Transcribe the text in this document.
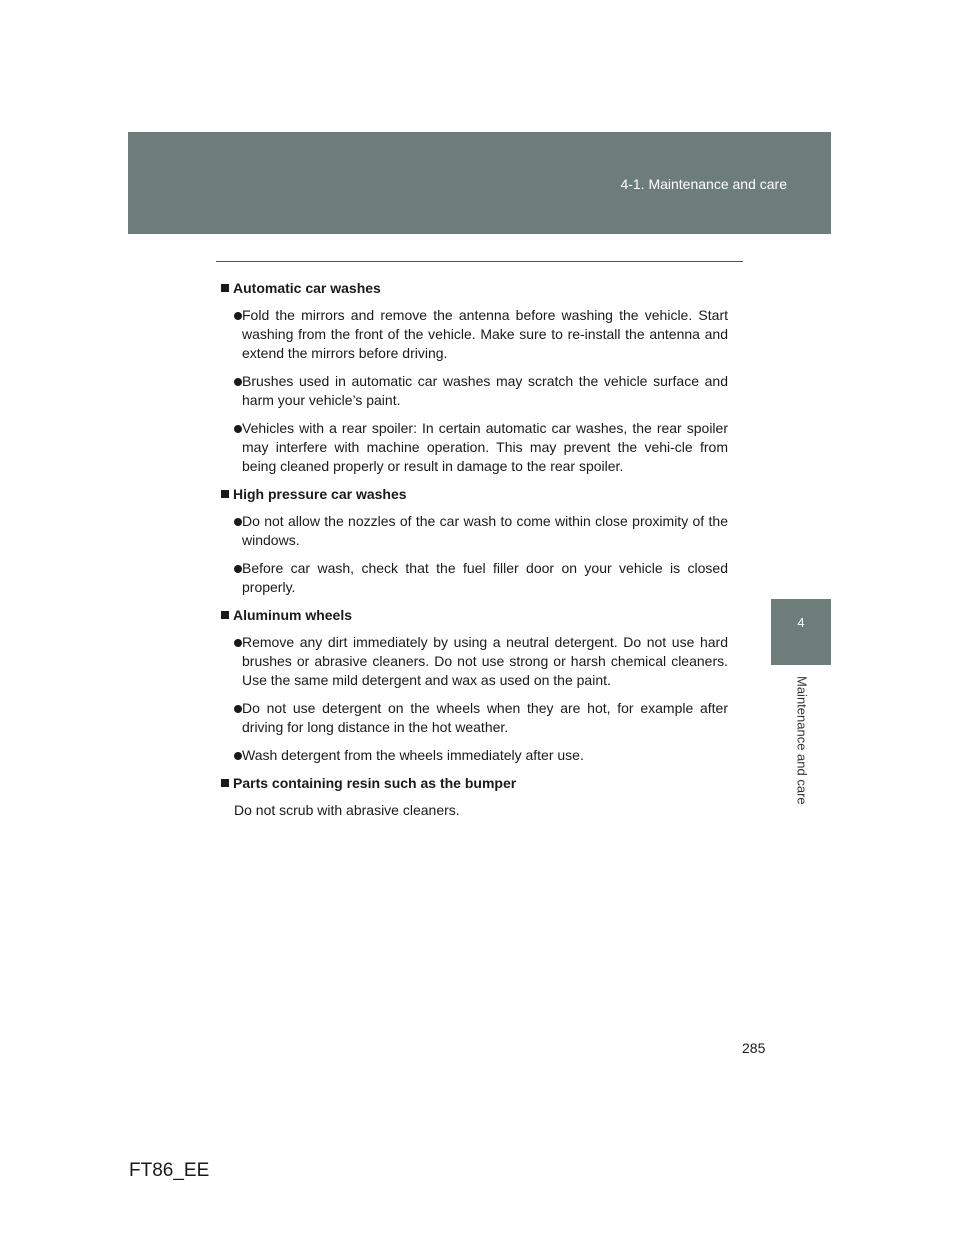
4-1. Maintenance and care
4
Maintenance and care
Automatic car washes
Fold the mirrors and remove the antenna before washing the vehicle. Start washing from the front of the vehicle. Make sure to re-install the antenna and extend the mirrors before driving.
Brushes used in automatic car washes may scratch the vehicle surface and harm your vehicle’s paint.
Vehicles with a rear spoiler: In certain automatic car washes, the rear spoiler may interfere with machine operation. This may prevent the vehi-cle from being cleaned properly or result in damage to the rear spoiler.
High pressure car washes
Do not allow the nozzles of the car wash to come within close proximity of the windows.
Before car wash, check that the fuel filler door on your vehicle is closed properly.
Aluminum wheels
Remove any dirt immediately by using a neutral detergent. Do not use hard brushes or abrasive cleaners. Do not use strong or harsh chemical cleaners. Use the same mild detergent and wax as used on the paint.
Do not use detergent on the wheels when they are hot, for example after driving for long distance in the hot weather.
Wash detergent from the wheels immediately after use.
Parts containing resin such as the bumper
Do not scrub with abrasive cleaners.
285
FT86_EE
